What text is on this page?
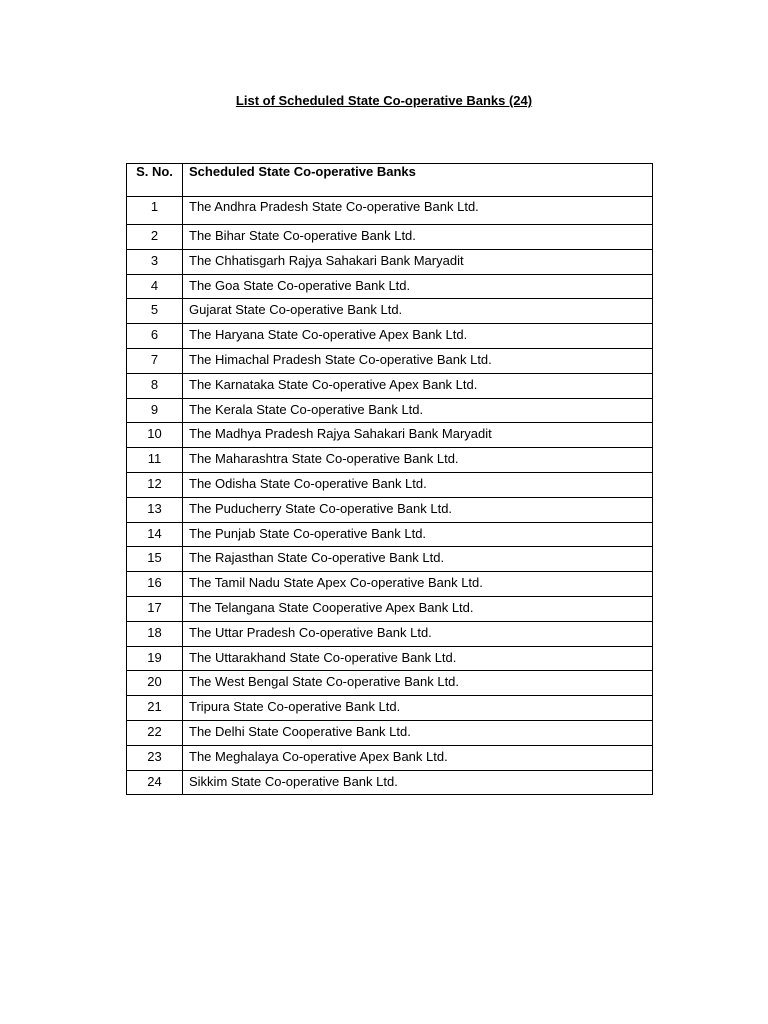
List of Scheduled State Co-operative Banks (24)
S. No.	Scheduled State Co-operative Banks
1	The Andhra Pradesh State Co-operative Bank Ltd.
2	The Bihar State Co-operative Bank Ltd.
3	The Chhatisgarh Rajya Sahakari Bank Maryadit
4	The Goa State Co-operative Bank Ltd.
5	Gujarat State Co-operative Bank Ltd.
6	The Haryana State Co-operative Apex Bank Ltd.
7	The Himachal Pradesh State Co-operative Bank Ltd.
8	The Karnataka State Co-operative Apex Bank Ltd.
9	The Kerala State Co-operative Bank Ltd.
10	The Madhya Pradesh Rajya Sahakari Bank Maryadit
11	The Maharashtra State Co-operative Bank Ltd.
12	The Odisha State Co-operative Bank Ltd.
13	The Puducherry State Co-operative Bank Ltd.
14	The Punjab State Co-operative Bank Ltd.
15	The Rajasthan State Co-operative Bank Ltd.
16	The Tamil Nadu State Apex Co-operative Bank Ltd.
17	The Telangana State Cooperative Apex Bank Ltd.
18	The Uttar Pradesh Co-operative Bank Ltd.
19	The Uttarakhand State Co-operative Bank Ltd.
20	The West Bengal State Co-operative Bank Ltd.
21	Tripura State Co-operative Bank Ltd.
22	The Delhi State Cooperative Bank Ltd.
23	The Meghalaya Co-operative Apex Bank Ltd.
24	Sikkim State Co-operative Bank Ltd.
